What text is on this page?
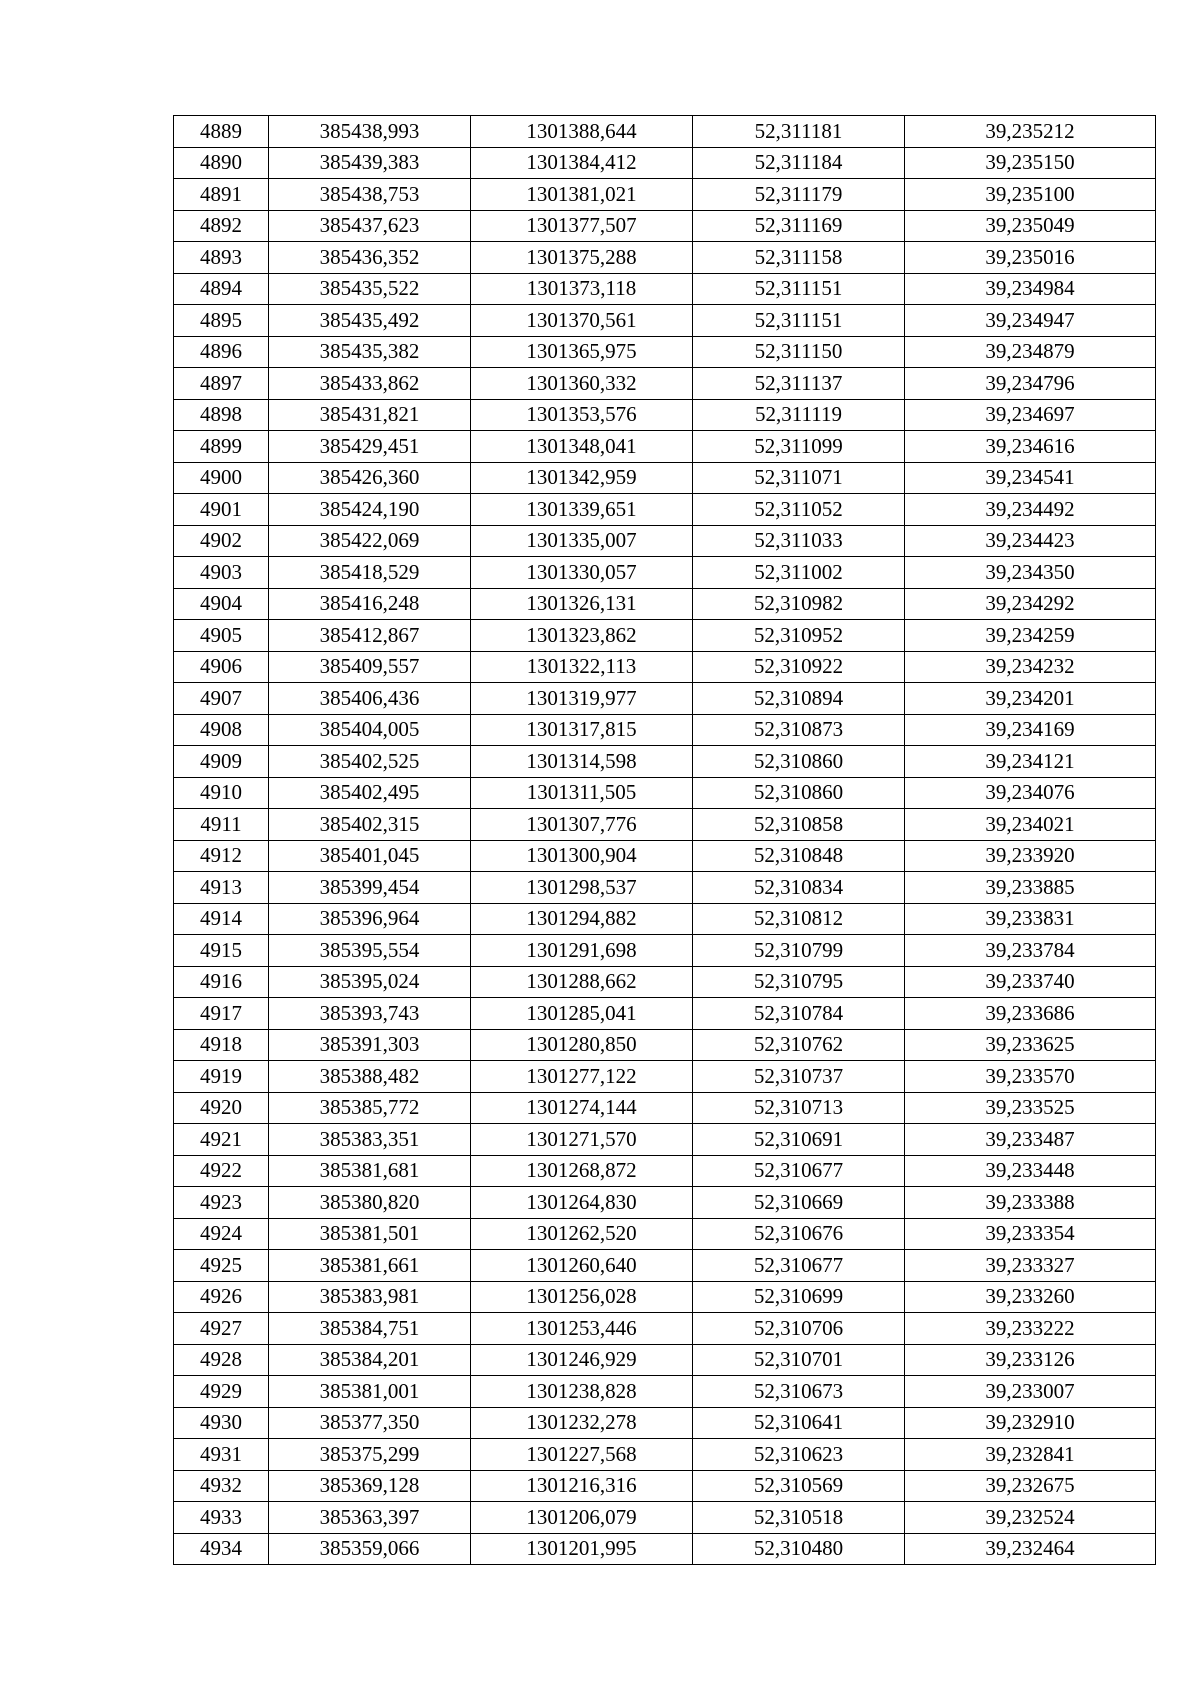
4889	385438,993	1301388,644	52,311181	39,235212
4890	385439,383	1301384,412	52,311184	39,235150
4891	385438,753	1301381,021	52,311179	39,235100
4892	385437,623	1301377,507	52,311169	39,235049
4893	385436,352	1301375,288	52,311158	39,235016
4894	385435,522	1301373,118	52,311151	39,234984
4895	385435,492	1301370,561	52,311151	39,234947
4896	385435,382	1301365,975	52,311150	39,234879
4897	385433,862	1301360,332	52,311137	39,234796
4898	385431,821	1301353,576	52,311119	39,234697
4899	385429,451	1301348,041	52,311099	39,234616
4900	385426,360	1301342,959	52,311071	39,234541
4901	385424,190	1301339,651	52,311052	39,234492
4902	385422,069	1301335,007	52,311033	39,234423
4903	385418,529	1301330,057	52,311002	39,234350
4904	385416,248	1301326,131	52,310982	39,234292
4905	385412,867	1301323,862	52,310952	39,234259
4906	385409,557	1301322,113	52,310922	39,234232
4907	385406,436	1301319,977	52,310894	39,234201
4908	385404,005	1301317,815	52,310873	39,234169
4909	385402,525	1301314,598	52,310860	39,234121
4910	385402,495	1301311,505	52,310860	39,234076
4911	385402,315	1301307,776	52,310858	39,234021
4912	385401,045	1301300,904	52,310848	39,233920
4913	385399,454	1301298,537	52,310834	39,233885
4914	385396,964	1301294,882	52,310812	39,233831
4915	385395,554	1301291,698	52,310799	39,233784
4916	385395,024	1301288,662	52,310795	39,233740
4917	385393,743	1301285,041	52,310784	39,233686
4918	385391,303	1301280,850	52,310762	39,233625
4919	385388,482	1301277,122	52,310737	39,233570
4920	385385,772	1301274,144	52,310713	39,233525
4921	385383,351	1301271,570	52,310691	39,233487
4922	385381,681	1301268,872	52,310677	39,233448
4923	385380,820	1301264,830	52,310669	39,233388
4924	385381,501	1301262,520	52,310676	39,233354
4925	385381,661	1301260,640	52,310677	39,233327
4926	385383,981	1301256,028	52,310699	39,233260
4927	385384,751	1301253,446	52,310706	39,233222
4928	385384,201	1301246,929	52,310701	39,233126
4929	385381,001	1301238,828	52,310673	39,233007
4930	385377,350	1301232,278	52,310641	39,232910
4931	385375,299	1301227,568	52,310623	39,232841
4932	385369,128	1301216,316	52,310569	39,232675
4933	385363,397	1301206,079	52,310518	39,232524
4934	385359,066	1301201,995	52,310480	39,232464
